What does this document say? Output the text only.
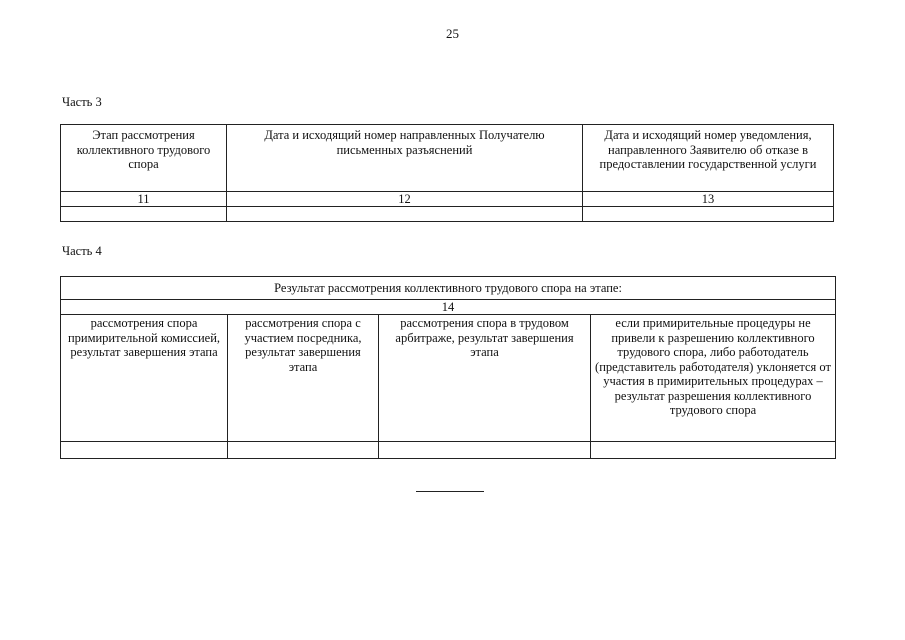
25
Часть 3
Этап рассмотрения коллективного трудового спора	Дата и исходящий номер направленных Получателю письменных разъяснений	Дата и исходящий номер уведомления, направленного Заявителю об отказе в предоставлении государственной услуги
11	12	13

Часть 4
Результат рассмотрения коллективного трудового спора на этапе:			
14			
рассмотрения спора примирительной комиссией, результат завершения этапа	рассмотрения спора с участием посредника, результат завершения этапа	рассмотрения спора в трудовом арбитраже, результат завершения этапа	если примирительные процедуры не привели к разрешению коллективного трудового спора, либо работодатель (представитель работодателя) уклоняется от участия в примирительных процедурах – результат разрешения коллективного трудового спора
